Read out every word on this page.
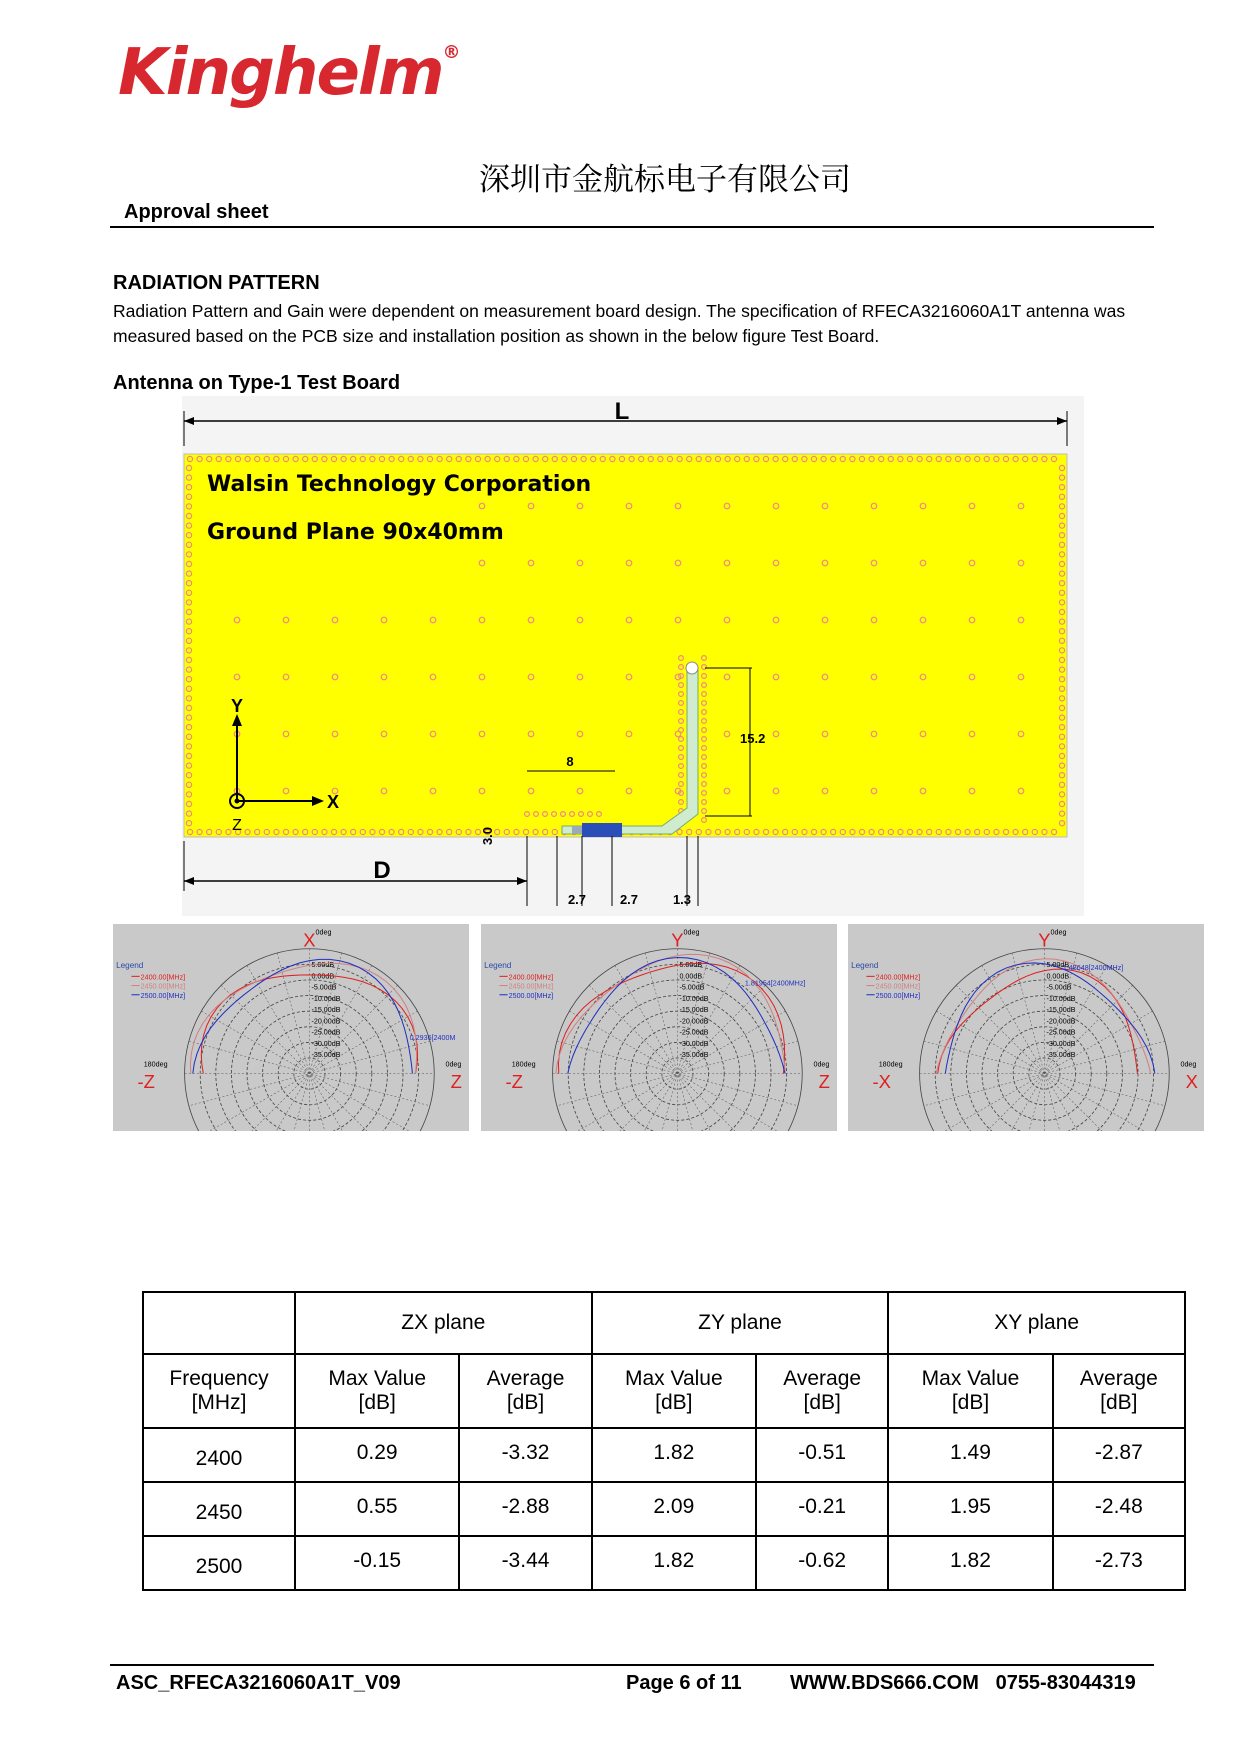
Kinghelm®
深圳市金航标电子有限公司
Approval sheet
RADIATION PATTERN
Radiation Pattern and Gain were dependent on measurement board design. The specification of RFECA3216060A1T antenna was measured based on the PCB size and installation position as shown in the below figure Test Board.
Antenna on Type-1 Test Board
L
Walsin Technology Corporation
Ground Plane 90x40mm
Y
X
Z
8
15.2
3.0
2.7	2.7	1.3
D
Legend
2400.00[MHz]
2450.00[MHz]
2500.00[MHz]
5.00dB
0.00dB
-5.00dB
-10.00dB
-15.00dB
-20.00dB
-25.00dB
-30.00dB
-35.00dB
X 0deg
180deg	0deg
-Z	Z
0.2936[2400M
Legend
2400.00[MHz]
2450.00[MHz]
2500.00[MHz]
5.00dB
0.00dB
-5.00dB
-10.00dB
-15.00dB
-20.00dB
-25.00dB
-30.00dB
-35.00dB
Y 0deg
180deg	0deg
-Z	Z
1.81954[2400MHz]
Legend
2400.00[MHz]
2450.00[MHz]
2500.00[MHz]
5.00dB
0.00dB
-5.00dB
-10.00dB
-15.00dB
-20.00dB
-25.00dB
-30.00dB
-35.00dB
Y 0deg
180deg	0deg
-X	X
1.48648[2400MHz]
	ZX plane		ZY plane		XY plane	
Frequency
[MHz]	Max Value
[dB]	Average
[dB]	Max Value
[dB]	Average
[dB]	Max Value
[dB]	Average
[dB]
2400	0.29	-3.32	1.82	-0.51	1.49	-2.87
2450	0.55	-2.88	2.09	-0.21	1.95	-2.48
2500	-0.15	-3.44	1.82	-0.62	1.82	-2.73
ASC_RFECA3216060A1T_V09	Page 6 of 11 WWW.BDS666.COM   0755-83044319
